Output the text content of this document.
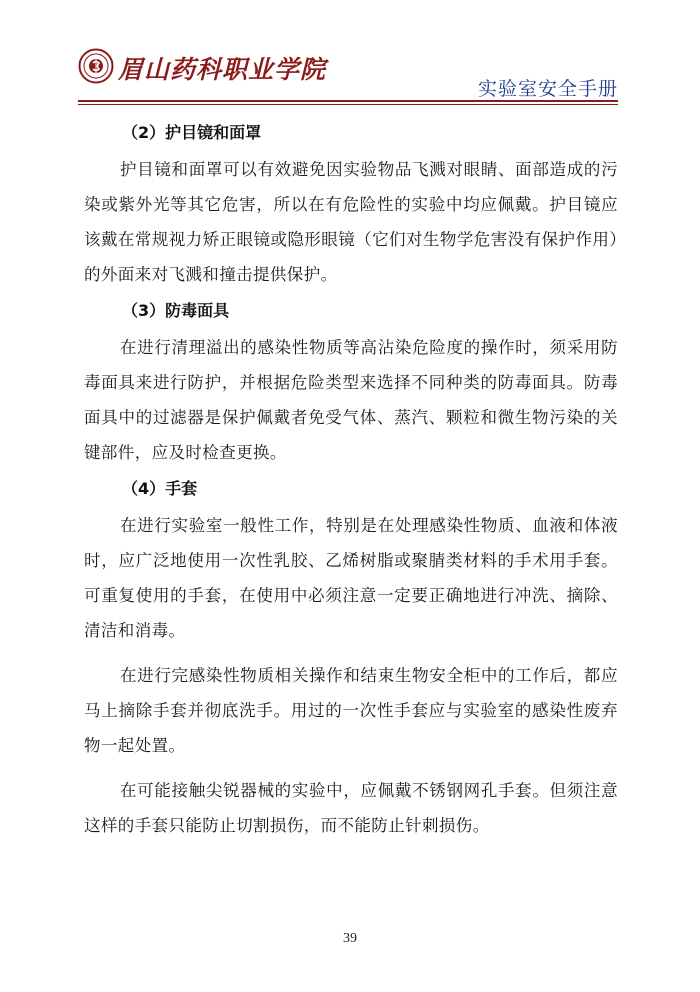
眉山药科职业学院
实验室安全手册
（2）护目镜和面罩

护目镜和面罩可以有效避免因实验物品飞溅对眼睛、面部造成的污染或紫外光等其它危害，所以在有危险性的实验中均应佩戴。护目镜应该戴在常规视力矫正眼镜或隐形眼镜（它们对生物学危害没有保护作用）的外面来对飞溅和撞击提供保护。

（3）防毒面具

在进行清理溢出的感染性物质等高沾染危险度的操作时，须采用防毒面具来进行防护，并根据危险类型来选择不同种类的防毒面具。防毒面具中的过滤器是保护佩戴者免受气体、蒸汽、颗粒和微生物污染的关键部件，应及时检查更换。

（4）手套

在进行实验室一般性工作，特别是在处理感染性物质、血液和体液时，应广泛地使用一次性乳胶、乙烯树脂或聚腈类材料的手术用手套。可重复使用的手套，在使用中必须注意一定要正确地进行冲洗、摘除、清洁和消毒。

在进行完感染性物质相关操作和结束生物安全柜中的工作后，都应马上摘除手套并彻底洗手。用过的一次性手套应与实验室的感染性废弃物一起处置。

在可能接触尖锐器械的实验中，应佩戴不锈钢网孔手套。但须注意这样的手套只能防止切割损伤，而不能防止针刺损伤。

39
